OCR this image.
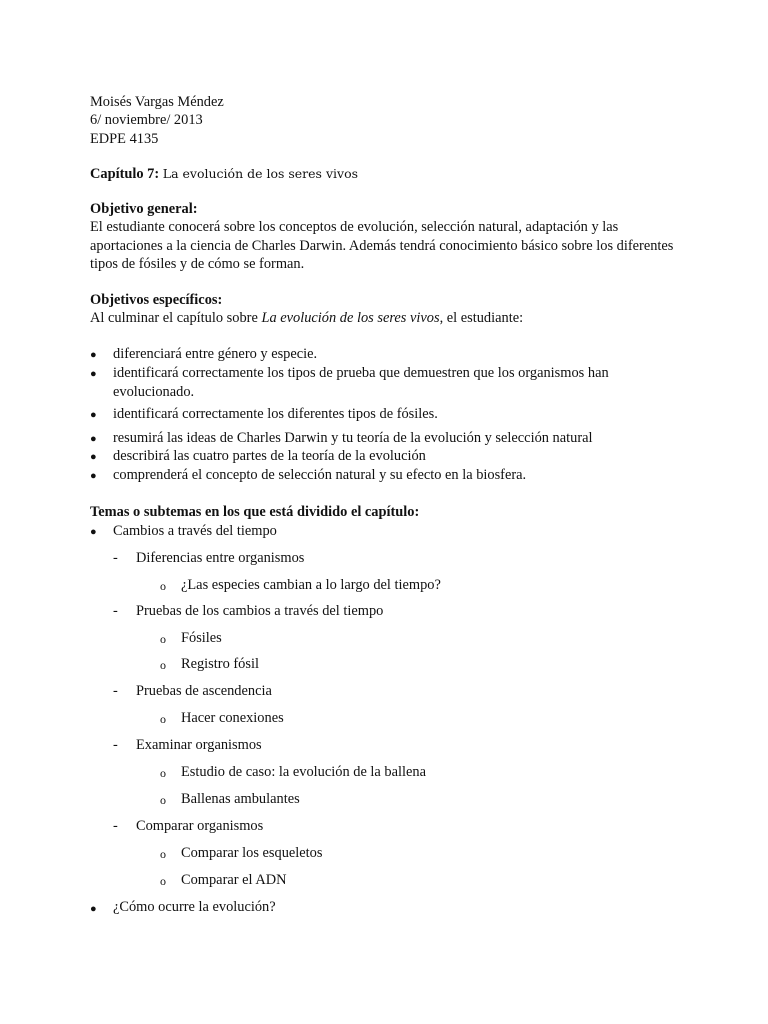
Moisés Vargas Méndez
6/ noviembre/ 2013
EDPE 4135
Capítulo 7: La evolución de los seres vivos
Objetivo general:
El estudiante conocerá sobre los conceptos de evolución, selección natural, adaptación y las aportaciones a la ciencia de Charles Darwin. Además tendrá conocimiento básico sobre los diferentes tipos de fósiles y de cómo se forman.
Objetivos específicos:
Al culminar el capítulo sobre La evolución de los seres vivos, el estudiante:
● diferenciará entre género y especie.
● identificará correctamente los tipos de prueba que demuestren que los organismos han evolucionado.
● identificará correctamente los diferentes tipos de fósiles.
● resumirá las ideas de Charles Darwin y tu teoría de la evolución y selección natural
● describirá las cuatro partes de la teoría de la evolución
● comprenderá el concepto de selección natural y su efecto en la biosfera.
Temas o subtemas en los que está dividido el capítulo:
● Cambios a través del tiempo
- Diferencias entre organismos
o ¿Las especies cambian a lo largo del tiempo?
- Pruebas de los cambios a través del tiempo
o Fósiles
o Registro fósil
- Pruebas de ascendencia
o Hacer conexiones
- Examinar organismos
o Estudio de caso: la evolución de la ballena
o Ballenas ambulantes
- Comparar organismos
o Comparar los esqueletos
o Comparar el ADN
● ¿Cómo ocurre la evolución?
